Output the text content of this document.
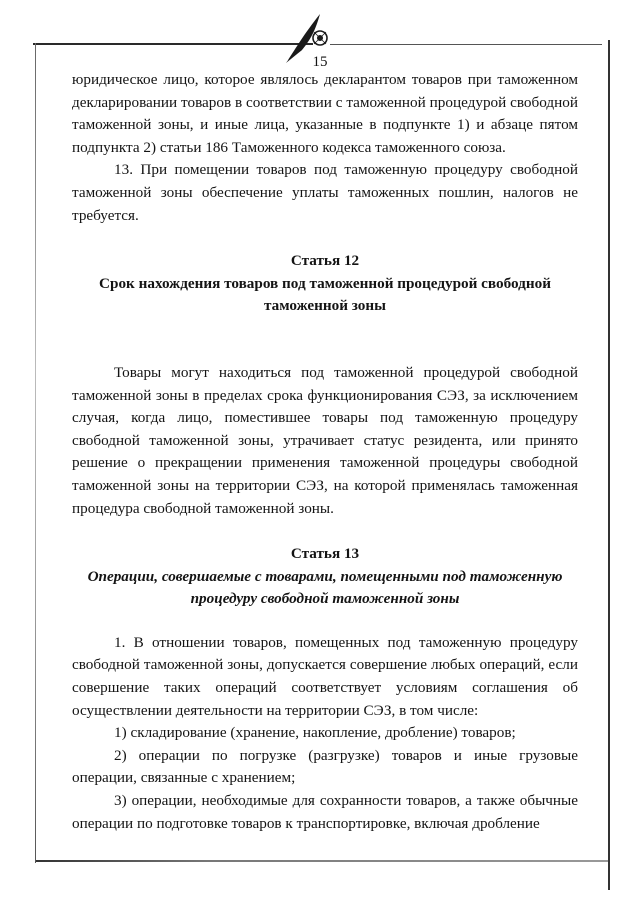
15

юридическое лицо, которое являлось декларантом товаров при таможенном декларировании товаров в соответствии с таможенной процедурой свободной таможенной зоны, и иные лица, указанные в подпункте 1) и абзаце пятом подпункта 2) статьи 186 Таможенного кодекса таможенного союза.

13. При помещении товаров под таможенную процедуру свободной таможенной зоны обеспечение уплаты таможенных пошлин, налогов не требуется.

Статья 12

Срок нахождения товаров под таможенной процедурой свободной таможенной зоны

Товары могут находиться под таможенной процедурой свободной таможенной зоны в пределах срока функционирования СЭЗ, за исключением случая, когда лицо, поместившее товары под таможенную процедуру свободной таможенной зоны, утрачивает статус резидента, или принято решение о прекращении применения таможенной процедуры свободной таможенной зоны на территории СЭЗ, на которой применялась таможенная процедура свободной таможенной зоны.

Статья 13

Операции, совершаемые с товарами, помещенными под таможенную процедуру свободной таможенной зоны

1. В отношении товаров, помещенных под таможенную процедуру свободной таможенной зоны, допускается совершение любых операций, если совершение таких операций соответствует условиям соглашения об осуществлении деятельности на территории СЭЗ, в том числе:

1) складирование (хранение, накопление, дробление) товаров;

2) операции по погрузке (разгрузке) товаров и иные грузовые операции, связанные с хранением;

3) операции, необходимые для сохранности товаров, а также обычные операции по подготовке товаров к транспортировке, включая дробление
